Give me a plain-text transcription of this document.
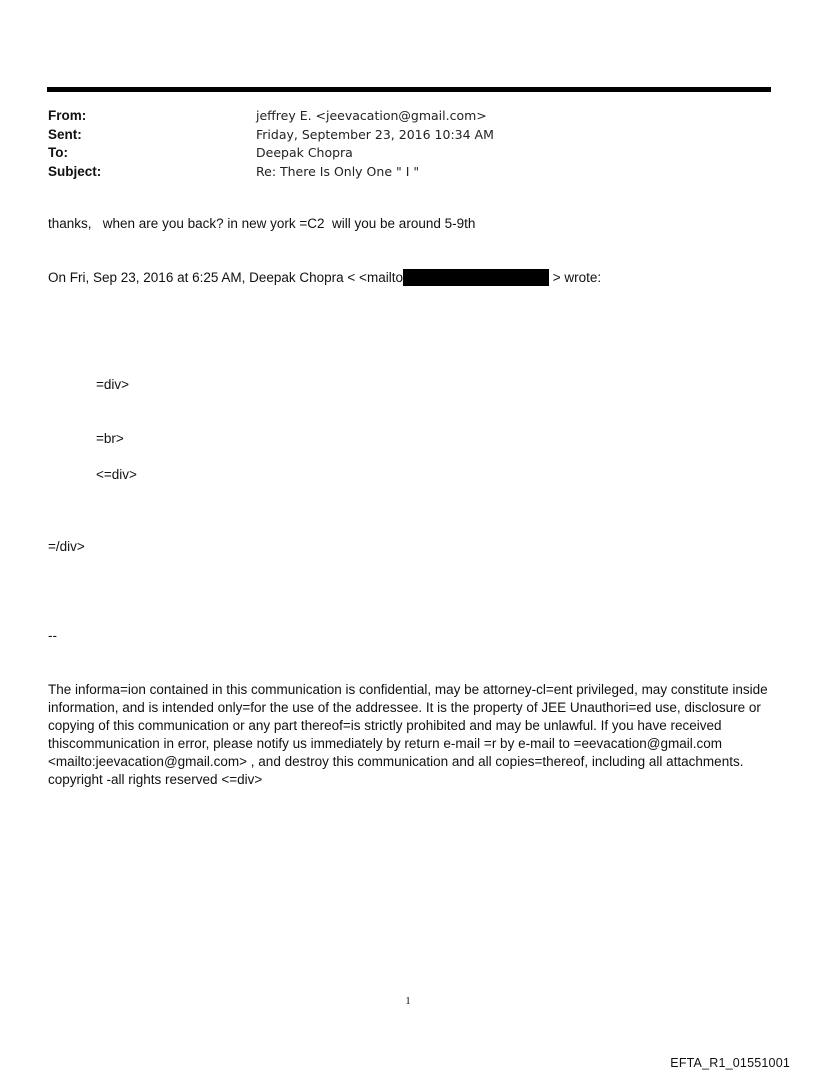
From:	jeffrey E. <jeevacation@gmail.com>
Sent:	Friday, September 23, 2016 10:34 AM
To:	Deepak Chopra
Subject:	Re: There Is Only One " I "
thanks,   when are you back? in new york =C2  will you be around 5-9th
On Fri, Sep 23, 2016 at 6:25 AM, Deepak Chopra < <mailto	> wrote:
=div>
=br>
<=div>
=/div>
--
The informa=ion contained in this communication is confidential, may be attorney-cl=ent privileged, may constitute inside information, and is intended only=for the use of the addressee. It is the property of JEE Unauthori=ed use, disclosure or copying of this communication or any part thereof=is strictly prohibited and may be unlawful. If you have received thiscommunication in error, please notify us immediately by return e-mail =r by e-mail to =eevacation@gmail.com <mailto:jeevacation@gmail.com> , and destroy this communication and all copies=thereof, including all attachments. copyright -all rights reserved <=div>
1
EFTA_R1_01551001
